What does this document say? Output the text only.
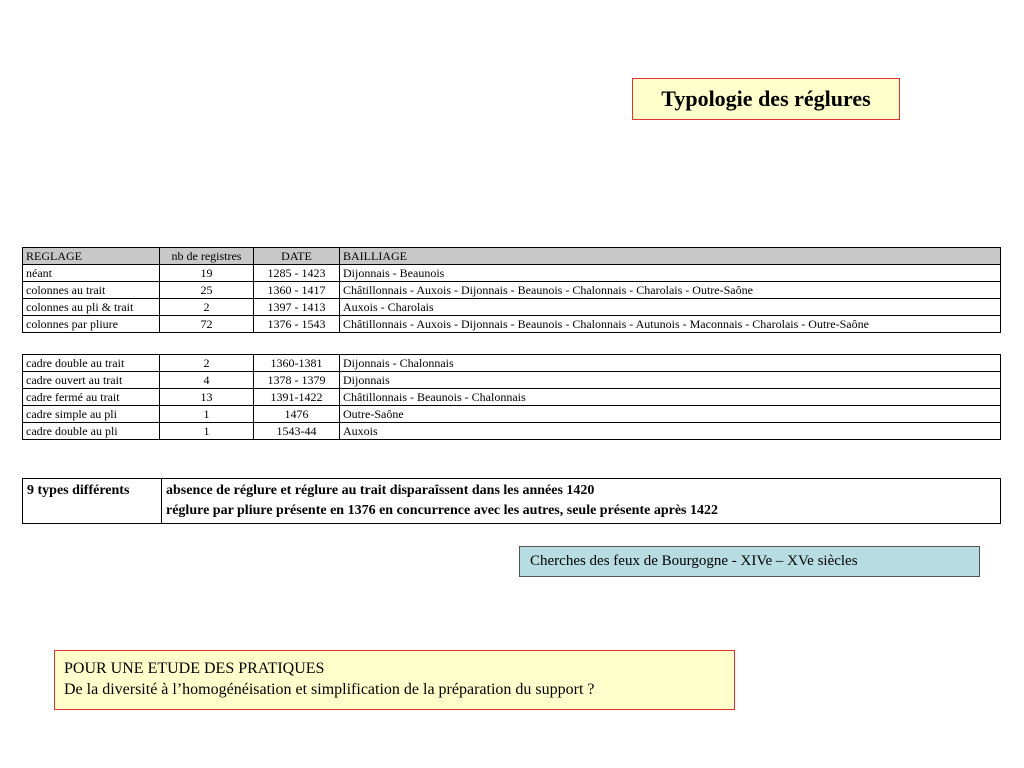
Typologie des réglures
REGLAGE	nb de registres	DATE	BAILLIAGE
néant	19	1285 - 1423	Dijonnais - Beaunois
colonnes au trait	25	1360 - 1417	Châtillonnais - Auxois - Dijonnais - Beaunois - Chalonnais - Charolais - Outre-Saône
colonnes au pli & trait	2	1397 - 1413	Auxois - Charolais
colonnes par pliure	72	1376 - 1543	Châtillonnais - Auxois - Dijonnais - Beaunois - Chalonnais - Autunois - Maconnais - Charolais - Outre-Saône
cadre double au trait	2	1360-1381	Dijonnais - Chalonnais
cadre ouvert au trait	4	1378 - 1379	Dijonnais
cadre fermé au trait	13	1391-1422	Châtillonnais - Beaunois - Chalonnais
cadre simple au pli	1	1476	Outre-Saône
cadre double au pli	1	1543-44	Auxois
9 types différents	absence de réglure et réglure au trait disparaîssent dans les années 1420
réglure par pliure présente en 1376 en concurrence avec les autres, seule présente après 1422
Cherches des feux de Bourgogne - XIVe – XVe siècles
POUR UNE ETUDE DES PRATIQUES
De la diversité à l’homogénéisation et simplification de la préparation du support ?
